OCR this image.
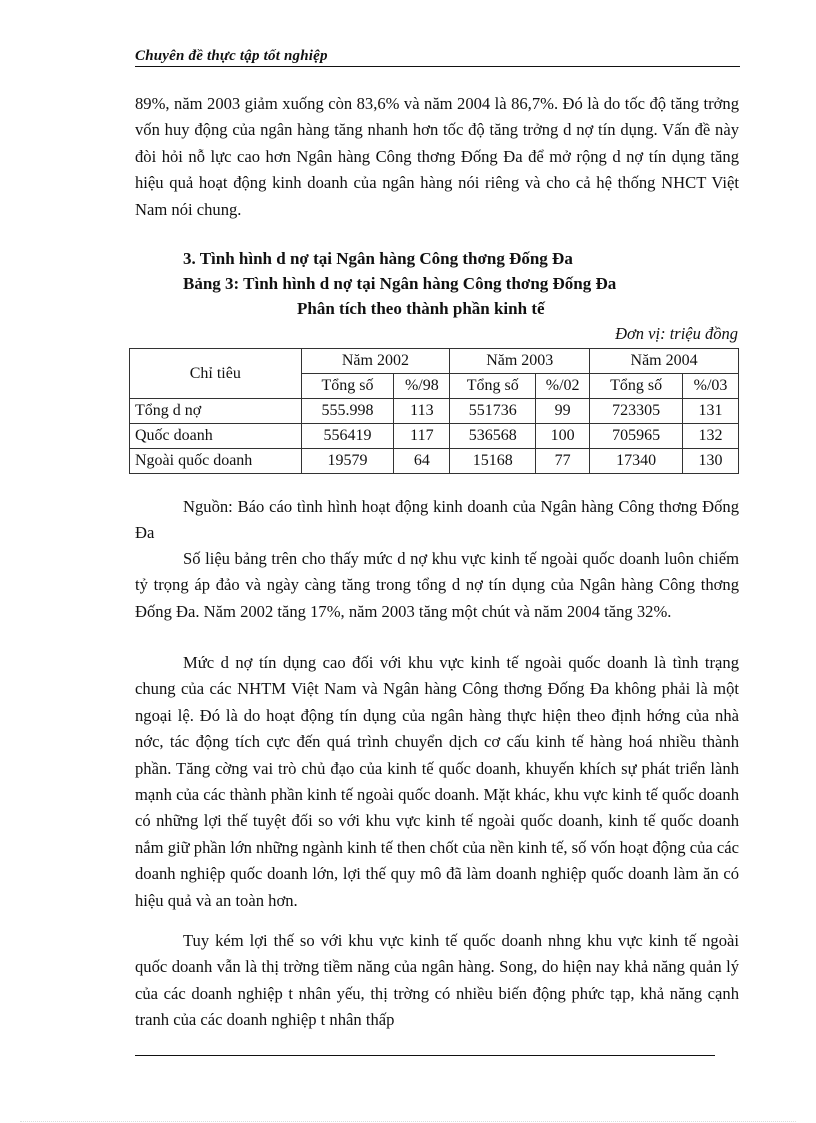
Chuyên đề thực tập tốt nghiệp

89%, năm 2003 giảm xuống còn 83,6% và năm 2004 là 86,7%. Đó là do tốc độ tăng trởng vốn huy động của ngân hàng tăng nhanh hơn tốc độ tăng trởng d nợ tín dụng. Vấn đề này đòi hỏi nỗ lực cao hơn Ngân hàng Công thơng Đống Đa để mở rộng d nợ tín dụng tăng hiệu quả hoạt động kinh doanh của ngân hàng nói riêng và cho cả hệ thống NHCT Việt Nam nói chung.

3. Tình hình d nợ tại Ngân hàng Công thơng Đống Đa
Bảng 3: Tình hình d nợ tại Ngân hàng Công thơng Đống Đa
Phân tích theo thành phần kinh tế
Đơn vị: triệu đồng
Chỉ tiêu	Năm 2002		Năm 2003		Năm 2004	
	Tổng số	%/98	Tổng số	%/02	Tổng số	%/03
Tổng d nợ	555.998	113	551736	99	723305	131
Quốc doanh	556419	117	536568	100	705965	132
Ngoài quốc doanh	19579	64	15168	77	17340	130

Nguồn: Báo cáo tình hình hoạt động kinh doanh của Ngân hàng Công thơng Đống Đa

Số liệu bảng trên cho thấy mức d nợ khu vực kinh tế ngoài quốc doanh luôn chiếm tỷ trọng áp đảo và ngày càng tăng trong tổng d nợ tín dụng của Ngân hàng Công thơng Đống Đa. Năm 2002 tăng 17%, năm 2003 tăng một chút và năm 2004 tăng 32%.

Mức d nợ tín dụng cao đối với khu vực kinh tế ngoài quốc doanh là tình trạng chung của các NHTM Việt Nam và Ngân hàng Công thơng Đống Đa không phải là một ngoại lệ. Đó là do hoạt động tín dụng của ngân hàng thực hiện theo định hớng của nhà nớc, tác động tích cực đến quá trình chuyển dịch cơ cấu kinh tế hàng hoá nhiều thành phần. Tăng cờng vai trò chủ đạo của kinh tế quốc doanh, khuyến khích sự phát triển lành mạnh của các thành phần kinh tế ngoài quốc doanh. Mặt khác, khu vực kinh tế quốc doanh có những lợi thế tuyệt đối so với khu vực kinh tế ngoài quốc doanh, kinh tế quốc doanh nắm giữ phần lớn những ngành kinh tế then chốt của nền kinh tế, số vốn hoạt động của các doanh nghiệp quốc doanh lớn, lợi thế quy mô đã làm doanh nghiệp quốc doanh làm ăn có hiệu quả và an toàn hơn.

Tuy kém lợi thế so với khu vực kinh tế quốc doanh nhng khu vực kinh tế ngoài quốc doanh vẫn là thị trờng tiềm năng của ngân hàng. Song, do hiện nay khả năng quản lý của các doanh nghiệp t nhân yếu, thị trờng có nhiều biến động phức tạp, khả năng cạnh tranh của các doanh nghiệp t nhân thấp
